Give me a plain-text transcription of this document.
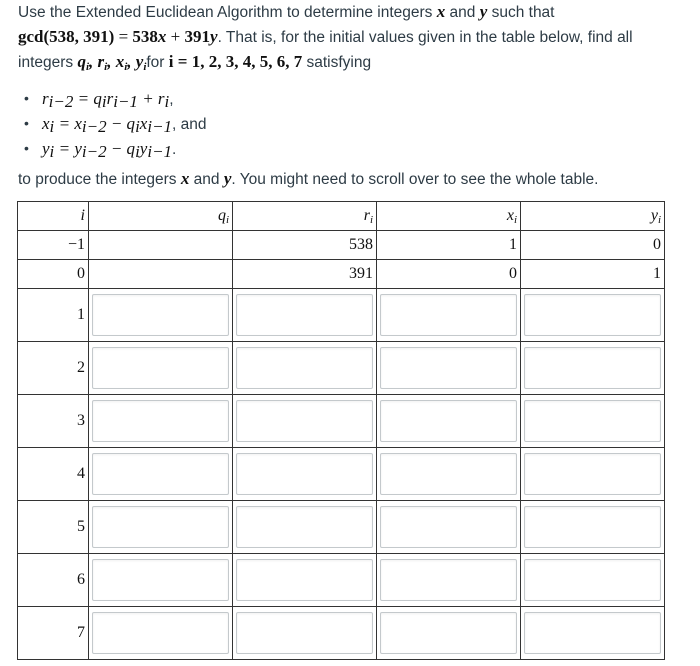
Use the Extended Euclidean Algorithm to determine integers x and y such that
gcd(538, 391) = 538x + 391y. That is, for the initial values given in the table below, find all
integers $q_i$, $r_i$, $x_i$, $y_ifor$ i = 1, 2, 3, 4, 5, 6, 7 satisfying
• $r_{i-2} = q_ir_{i-1} + r_i$,
• $x_i = x_{i-2} - q_ix_{i-1}$, and
• $y_i = y_{i-2} - q_iy_{i-1}$.
to produce the integers x and y. You might need to scroll over to see the whole table.
i	$q_i$	$r_i$	$x_i$	$y_i$
−1		538	1	0
0		391	0	1
1	

2	

3	

4	

5	

6	

7	
